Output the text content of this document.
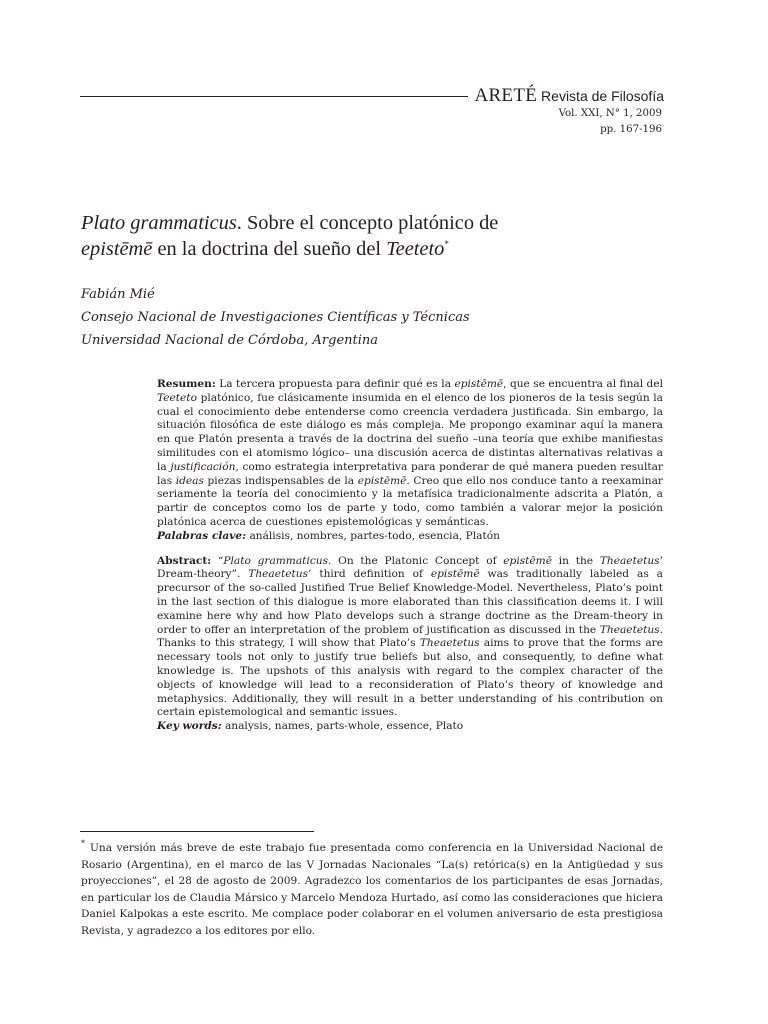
ARETÉ Revista de Filosofía
Vol. XXI, N° 1, 2009
pp. 167-196
Plato grammaticus. Sobre el concepto platónico de
epistēmē en la doctrina del sueño del Teeteto*
Fabián Mié
Consejo Nacional de Investigaciones Científicas y Técnicas
Universidad Nacional de Córdoba, Argentina

Resumen: La tercera propuesta para definir qué es la epistēmē, que se encuentra al final del Teeteto platónico, fue clásicamente insumida en el elenco de los pioneros de la tesis según la cual el conocimiento debe entenderse como creencia verdadera justificada. Sin embargo, la situación filosófica de este diálogo es más compleja. Me propongo examinar aquí la manera en que Platón presenta a través de la doctrina del sueño –una teoría que exhibe manifiestas similitudes con el atomismo lógico– una discusión acerca de distintas alternativas relativas a la justificación, como estrategia interpretativa para ponderar de qué manera pueden resultar las ideas piezas indispensables de la epistēmē. Creo que ello nos conduce tanto a reexaminar seriamente la teoría del conocimiento y la metafísica tradicionalmente adscrita a Platón, a partir de conceptos como los de parte y todo, como también a valorar mejor la posición platónica acerca de cuestiones epistemológicas y semánticas.

Palabras clave: análisis, nombres, partes-todo, esencia, Platón

Abstract: “Plato grammaticus. On the Platonic Concept of epistēmē in the Theaetetus’ Dream-theory”. Theaetetus’ third definition of epistēmē was traditionally labeled as a precursor of the so-called Justified True Belief Knowledge-Model. Nevertheless, Plato’s point in the last section of this dialogue is more elaborated than this classification deems it. I will examine here why and how Plato develops such a strange doctrine as the Dream-theory in order to offer an interpretation of the problem of justification as discussed in the Theaetetus. Thanks to this strategy, I will show that Plato’s Theaetetus aims to prove that the forms are necessary tools not only to justify true beliefs but also, and consequently, to define what knowledge is. The upshots of this analysis with regard to the complex character of the objects of knowledge will lead to a reconsideration of Plato’s theory of knowledge and metaphysics. Additionally, they will result in a better understanding of his contribution on certain epistemological and semantic issues.

Key words: analysis, names, parts-whole, essence, Plato

* Una versión más breve de este trabajo fue presentada como conferencia en la Universidad Nacional de Rosario (Argentina), en el marco de las V Jornadas Nacionales “La(s) retórica(s) en la Antigüedad y sus proyecciones”, el 28 de agosto de 2009. Agradezco los comentarios de los participantes de esas Jornadas, en particular los de Claudia Mársico y Marcelo Mendoza Hurtado, así como las consideraciones que hiciera Daniel Kalpokas a este escrito. Me complace poder colaborar en el volumen aniversario de esta prestigiosa Revista, y agradezco a los editores por ello.
